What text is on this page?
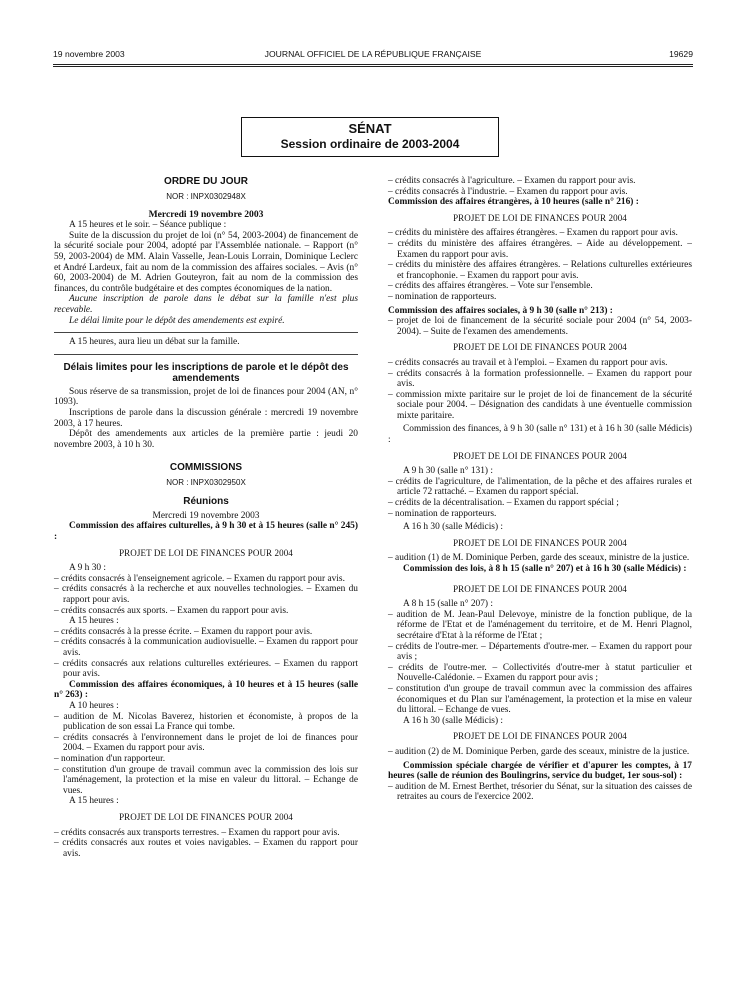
19 novembre 2003	JOURNAL OFFICIEL DE LA RÉPUBLIQUE FRANÇAISE	19629
SÉNAT
Session ordinaire de 2003-2004
ORDRE DU JOUR
NOR : INPX0302948X

Mercredi 19 novembre 2003

A 15 heures et le soir. – Séance publique :

Suite de la discussion du projet de loi (n° 54, 2003-2004) de financement de la sécurité sociale pour 2004, adopté par l'Assemblée nationale. – Rapport (n° 59, 2003-2004) de MM. Alain Vasselle, Jean-Louis Lorrain, Dominique Leclerc et André Lardeux, fait au nom de la commission des affaires sociales. – Avis (n° 60, 2003-2004) de M. Adrien Gouteyron, fait au nom de la commission des finances, du contrôle budgétaire et des comptes économiques de la nation.

Aucune inscription de parole dans le débat sur la famille n'est plus recevable.

Le délai limite pour le dépôt des amendements est expiré.

A 15 heures, aura lieu un débat sur la famille.

Délais limites pour les inscriptions de parole et le dépôt des amendements

Sous réserve de sa transmission, projet de loi de finances pour 2004 (AN, n° 1093).

Inscriptions de parole dans la discussion générale : mercredi 19 novembre 2003, à 17 heures.

Dépôt des amendements aux articles de la première partie : jeudi 20 novembre 2003, à 10 h 30.

COMMISSIONS
NOR : INPX0302950X
Réunions

Mercredi 19 novembre 2003

Commission des affaires culturelles, à 9 h 30 et à 15 heures (salle n° 245) :

PROJET DE LOI DE FINANCES POUR 2004

A 9 h 30 :

– crédits consacrés à l'enseignement agricole. – Examen du rapport pour avis.

– crédits consacrés à la recherche et aux nouvelles technologies. – Examen du rapport pour avis.

– crédits consacrés aux sports. – Examen du rapport pour avis.

A 15 heures :

– crédits consacrés à la presse écrite. – Examen du rapport pour avis.

– crédits consacrés à la communication audiovisuelle. – Examen du rapport pour avis.

– crédits consacrés aux relations culturelles extérieures. – Examen du rapport pour avis.

Commission des affaires économiques, à 10 heures et à 15 heures (salle n° 263) :

A 10 heures :

– audition de M. Nicolas Baverez, historien et économiste, à propos de la publication de son essai La France qui tombe.

– crédits consacrés à l'environnement dans le projet de loi de finances pour 2004. – Examen du rapport pour avis.

– nomination d'un rapporteur.

– constitution d'un groupe de travail commun avec la commission des lois sur l'aménagement, la protection et la mise en valeur du littoral. – Echange de vues.

A 15 heures :

PROJET DE LOI DE FINANCES POUR 2004

– crédits consacrés aux transports terrestres. – Examen du rapport pour avis.

– crédits consacrés aux routes et voies navigables. – Examen du rapport pour avis.

– crédits consacrés à l'agriculture. – Examen du rapport pour avis.

– crédits consacrés à l'industrie. – Examen du rapport pour avis.

Commission des affaires étrangères, à 10 heures (salle n° 216) :

PROJET DE LOI DE FINANCES POUR 2004

– crédits du ministère des affaires étrangères. – Examen du rapport pour avis.

– crédits du ministère des affaires étrangères. – Aide au développement. – Examen du rapport pour avis.

– crédits du ministère des affaires étrangères. – Relations culturelles extérieures et francophonie. – Examen du rapport pour avis.

– crédits des affaires étrangères. – Vote sur l'ensemble.

– nomination de rapporteurs.

Commission des affaires sociales, à 9 h 30 (salle n° 213) :

– projet de loi de financement de la sécurité sociale pour 2004 (n° 54, 2003-2004). – Suite de l'examen des amendements.

PROJET DE LOI DE FINANCES POUR 2004

– crédits consacrés au travail et à l'emploi. – Examen du rapport pour avis.

– crédits consacrés à la formation professionnelle. – Examen du rapport pour avis.

– commission mixte paritaire sur le projet de loi de financement de la sécurité sociale pour 2004. – Désignation des candidats à une éventuelle commission mixte paritaire.

Commission des finances, à 9 h 30 (salle n° 131) et à 16 h 30 (salle Médicis) :

PROJET DE LOI DE FINANCES POUR 2004

A 9 h 30 (salle n° 131) :

– crédits de l'agriculture, de l'alimentation, de la pêche et des affaires rurales et article 72 rattaché. – Examen du rapport spécial.

– crédits de la décentralisation. – Examen du rapport spécial ;

– nomination de rapporteurs.

A 16 h 30 (salle Médicis) :

PROJET DE LOI DE FINANCES POUR 2004

– audition (1) de M. Dominique Perben, garde des sceaux, ministre de la justice.

Commission des lois, à 8 h 15 (salle n° 207) et à 16 h 30 (salle Médicis) :

PROJET DE LOI DE FINANCES POUR 2004

A 8 h 15 (salle n° 207) :

– audition de M. Jean-Paul Delevoye, ministre de la fonction publique, de la réforme de l'Etat et de l'aménagement du territoire, et de M. Henri Plagnol, secrétaire d'Etat à la réforme de l'Etat ;

– crédits de l'outre-mer. – Départements d'outre-mer. – Examen du rapport pour avis ;

– crédits de l'outre-mer. – Collectivités d'outre-mer à statut particulier et Nouvelle-Calédonie. – Examen du rapport pour avis ;

– constitution d'un groupe de travail commun avec la commission des affaires économiques et du Plan sur l'aménagement, la protection et la mise en valeur du littoral. – Echange de vues.

A 16 h 30 (salle Médicis) :

PROJET DE LOI DE FINANCES POUR 2004

– audition (2) de M. Dominique Perben, garde des sceaux, ministre de la justice.

Commission spéciale chargée de vérifier et d'apurer les comptes, à 17 heures (salle de réunion des Boulingrins, service du budget, 1er sous-sol) :

– audition de M. Ernest Berthet, trésorier du Sénat, sur la situation des caisses de retraites au cours de l'exercice 2002.
